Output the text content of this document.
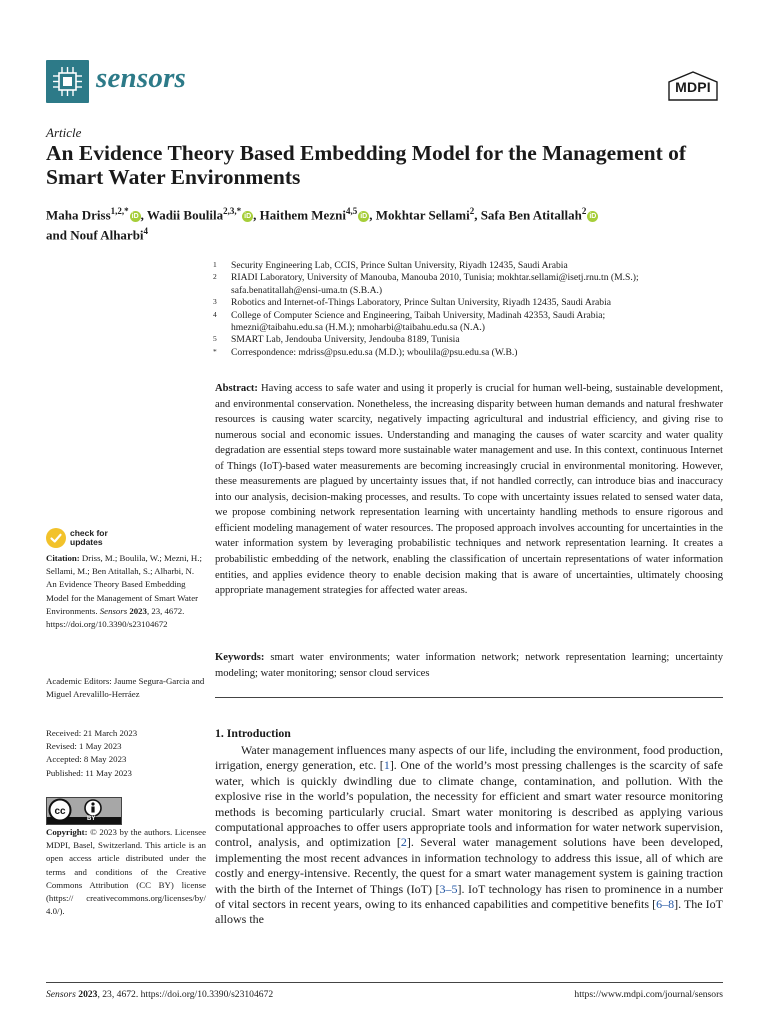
sensors	MDPI
Article
An Evidence Theory Based Embedding Model for the Management of Smart Water Environments
Maha Driss$^{1,2,*}$iD , Wadii Boulila$^{2,3,*}$iD , Haithem Mezni$^{4,5}$iD , Mokhtar Sellami$^2$, Safa Ben Atitallah$^2$iD
and Nouf Alharbi$^4$
1 Security Engineering Lab, CCIS, Prince Sultan University, Riyadh 12435, Saudi Arabia
2 RIADI Laboratory, University of Manouba, Manouba 2010, Tunisia; mokhtar.sellami@isetj.rnu.tn (M.S.);
safa.benatitallah@ensi-uma.tn (S.B.A.)
3 Robotics and Internet-of-Things Laboratory, Prince Sultan University, Riyadh 12435, Saudi Arabia
4 College of Computer Science and Engineering, Taibah University, Madinah 42353, Saudi Arabia;
hmezni@taibahu.edu.sa (H.M.); nmoharbi@taibahu.edu.sa (N.A.)
5 SMART Lab, Jendouba University, Jendouba 8189, Tunisia
* Correspondence: mdriss@psu.edu.sa (M.D.); wboulila@psu.edu.sa (W.B.)
Abstract: Having access to safe water and using it properly is crucial for human well-being, sustainable development, and environmental conservation. Nonetheless, the increasing disparity between human demands and natural freshwater resources is causing water scarcity, negatively impacting agricultural and industrial efficiency, and giving rise to numerous social and economic issues. Understanding and managing the causes of water scarcity and water quality degradation are essential steps toward more sustainable water management and use. In this context, continuous Internet of Things (IoT)-based water measurements are becoming increasingly crucial in environmental monitoring. However, these measurements are plagued by uncertainty issues that, if not handled correctly, can introduce bias and inaccuracy into our analysis, decision-making processes, and results. To cope with uncertainty issues related to sensed water data, we propose combining network representation learning with uncertainty handling methods to ensure rigorous and efficient modeling management of water resources. The proposed approach involves accounting for uncertainties in the water information system by leveraging probabilistic techniques and network representation learning. It creates a probabilistic embedding of the network, enabling the classification of uncertain representations of water information entities, and applies evidence theory to enable decision making that is aware of uncertainties, ultimately choosing appropriate management strategies for affected water areas.
Keywords: smart water environments; water information network; network representation learning; uncertainty modeling; water monitoring; sensor cloud services
1. Introduction
Water management influences many aspects of our life, including the environment, food production, irrigation, energy generation, etc. [1]. One of the world’s most pressing challenges is the scarcity of safe water, which is quickly dwindling due to climate change, contamination, and pollution. With the explosive rise in the world’s population, the necessity for efficient and smart water resource monitoring methods is becoming particularly crucial. Smart water monitoring is described as applying various computational approaches to offer users appropriate tools and information for water network supervision, control, analysis, and optimization [2]. Several water management solutions have been developed, implementing the most recent advances in information technology to address this issue, all of which are costly and energy-intensive. Recently, the quest for a smart water management system is gaining traction with the birth of the Internet of Things (IoT) [3–5]. IoT technology has risen to prominence in a number of vital sectors in recent years, owing to its enhanced capabilities and competitive benefits [6–8]. The IoT allows the
check for
updates
Citation: Driss, M.; Boulila, W.; Mezni, H.; Sellami, M.; Ben Atitallah, S.; Alharbi, N. An Evidence Theory Based Embedding Model for the Management of Smart Water Environments. Sensors 2023, 23, 4672. https://doi.org/10.3390/s23104672
Academic Editors: Jaume Segura-Garcia and Miguel Arevalillo-Herráez
Received: 21 March 2023
Revised: 1 May 2023
Accepted: 8 May 2023
Published: 11 May 2023
cc
BY
Copyright: © 2023 by the authors. Licensee MDPI, Basel, Switzerland. This article is an open access article distributed under the terms and conditions of the Creative Commons Attribution (CC BY) license (https:// creativecommons.org/licenses/by/ 4.0/).
Sensors 2023, 23, 4672. https://doi.org/10.3390/s23104672	https://www.mdpi.com/journal/sensors
